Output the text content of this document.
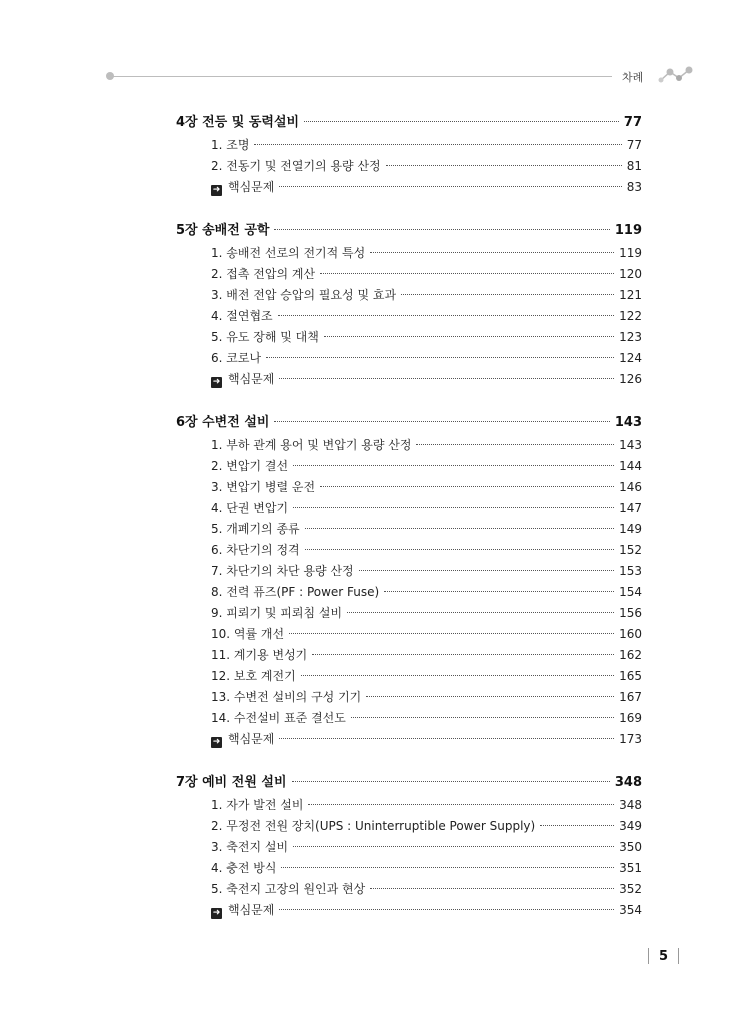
차례
4장 전등 및 동력설비	77
1. 조명	77
2. 전동기 및 전열기의 용량 산정	81
➜ 핵심문제	83
5장 송배전 공학	119
1. 송배전 선로의 전기적 특성	119
2. 접촉 전압의 계산	120
3. 배전 전압 승압의 필요성 및 효과	121
4. 절연협조	122
5. 유도 장해 및 대책	123
6. 코로나	124
➜ 핵심문제	126
6장 수변전 설비	143
1. 부하 관계 용어 및 변압기 용량 산정	143
2. 변압기 결선	144
3. 변압기 병렬 운전	146
4. 단권 변압기	147
5. 개폐기의 종류	149
6. 차단기의 정격	152
7. 차단기의 차단 용량 산정	153
8. 전력 퓨즈(PF : Power Fuse)	154
9. 피뢰기 및 피뢰침 설비	156
10. 역률 개선	160
11. 계기용 변성기	162
12. 보호 계전기	165
13. 수변전 설비의 구성 기기	167
14. 수전설비 표준 결선도	169
➜ 핵심문제	173
7장 예비 전원 설비	348
1. 자가 발전 설비	348
2. 무정전 전원 장치(UPS : Uninterruptible Power Supply)	349
3. 축전지 설비	350
4. 충전 방식	351
5. 축전지 고장의 원인과 현상	352
➜ 핵심문제	354
5
